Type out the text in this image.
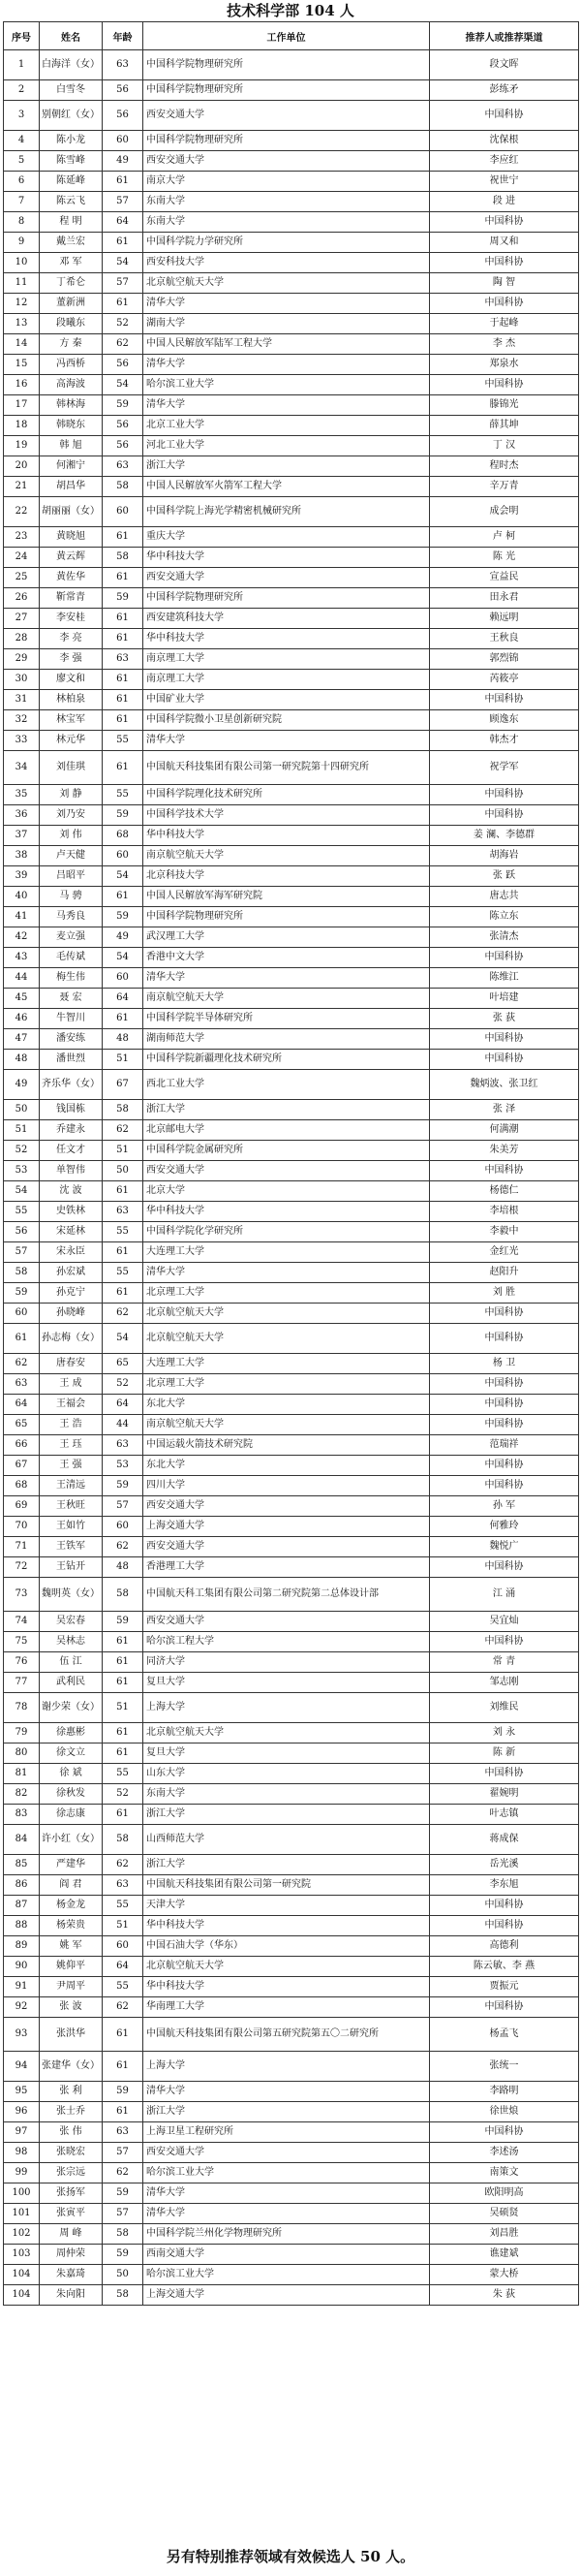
技术科学部 104 人
序号	姓名	年龄	工作单位	推荐人或推荐渠道
1	白海洋（女）	63	中国科学院物理研究所	段文晖
2	白雪冬	56	中国科学院物理研究所	彭练矛
3	别朝红（女）	56	西安交通大学	中国科协
4	陈小龙	60	中国科学院物理研究所	沈保根
5	陈雪峰	49	西安交通大学	李应红
6	陈延峰	61	南京大学	祝世宁
7	陈云飞	57	东南大学	段 进
8	程 明	64	东南大学	中国科协
9	戴兰宏	61	中国科学院力学研究所	周又和
10	邓 军	54	西安科技大学	中国科协
11	丁希仑	57	北京航空航天大学	陶 智
12	董新洲	61	清华大学	中国科协
13	段曦东	52	湖南大学	于起峰
14	方 秦	62	中国人民解放军陆军工程大学	李 杰
15	冯西桥	56	清华大学	郑泉水
16	高海波	54	哈尔滨工业大学	中国科协
17	韩林海	59	清华大学	滕锦光
18	韩晓东	56	北京工业大学	薛其坤
19	韩 旭	56	河北工业大学	丁 汉
20	何湘宁	63	浙江大学	程时杰
21	胡昌华	58	中国人民解放军火箭军工程大学	辛万青
22	胡丽丽（女）	60	中国科学院上海光学精密机械研究所	成会明
23	黄晓旭	61	重庆大学	卢 柯
24	黄云辉	58	华中科技大学	陈 光
25	黄佐华	61	西安交通大学	宣益民
26	靳常青	59	中国科学院物理研究所	田永君
27	李安桂	61	西安建筑科技大学	赖远明
28	李 亮	61	华中科技大学	王秋良
29	李 强	63	南京理工大学	郭烈锦
30	廖文和	61	南京理工大学	芮筱亭
31	林柏泉	61	中国矿业大学	中国科协
32	林宝军	61	中国科学院微小卫星创新研究院	顾逸东
33	林元华	55	清华大学	韩杰才
34	刘佳琪	61	中国航天科技集团有限公司第一研究院第十四研究所	祝学军
35	刘 静	55	中国科学院理化技术研究所	中国科协
36	刘乃安	59	中国科学技术大学	中国科协
37	刘 伟	68	华中科技大学	姜 澜、李德群
38	卢天健	60	南京航空航天大学	胡海岩
39	吕昭平	54	北京科技大学	张 跃
40	马 骋	61	中国人民解放军海军研究院	唐志共
41	马秀良	59	中国科学院物理研究所	陈立东
42	麦立强	49	武汉理工大学	张清杰
43	毛传斌	54	香港中文大学	中国科协
44	梅生伟	60	清华大学	陈维江
45	聂 宏	64	南京航空航天大学	叶培建
46	牛智川	61	中国科学院半导体研究所	张 荻
47	潘安练	48	湖南师范大学	中国科协
48	潘世烈	51	中国科学院新疆理化技术研究所	中国科协
49	齐乐华（女）	67	西北工业大学	魏炳波、张卫红
50	钱国栋	58	浙江大学	张 泽
51	乔建永	62	北京邮电大学	何满潮
52	任文才	51	中国科学院金属研究所	朱美芳
53	单智伟	50	西安交通大学	中国科协
54	沈 波	61	北京大学	杨德仁
55	史铁林	63	华中科技大学	李培根
56	宋延林	55	中国科学院化学研究所	李毅中
57	宋永臣	61	大连理工大学	金红光
58	孙宏斌	55	清华大学	赵阳升
59	孙克宁	61	北京理工大学	刘 胜
60	孙晓峰	62	北京航空航天大学	中国科协
61	孙志梅（女）	54	北京航空航天大学	中国科协
62	唐春安	65	大连理工大学	杨 卫
63	王 成	52	北京理工大学	中国科协
64	王福会	64	东北大学	中国科协
65	王 浩	44	南京航空航天大学	中国科协
66	王 珏	63	中国运载火箭技术研究院	范瑞祥
67	王 强	53	东北大学	中国科协
68	王清远	59	四川大学	中国科协
69	王秋旺	57	西安交通大学	孙 军
70	王如竹	60	上海交通大学	何雅玲
71	王铁军	62	西安交通大学	魏悦广
72	王钻开	48	香港理工大学	中国科协
73	魏明英（女）	58	中国航天科工集团有限公司第二研究院第二总体设计部	江 涌
74	吴宏春	59	西安交通大学	吴宜灿
75	吴林志	61	哈尔滨工程大学	中国科协
76	伍 江	61	同济大学	常 青
77	武利民	61	复旦大学	邹志刚
78	谢少荣（女）	51	上海大学	刘维民
79	徐惠彬	61	北京航空航天大学	刘 永
80	徐文立	61	复旦大学	陈 新
81	徐 斌	55	山东大学	中国科协
82	徐秋发	52	东南大学	翟婉明
83	徐志康	61	浙江大学	叶志镇
84	许小红（女）	58	山西师范大学	蒋成保
85	严建华	62	浙江大学	岳光溪
86	阎 君	63	中国航天科技集团有限公司第一研究院	李东旭
87	杨金龙	55	天津大学	中国科协
88	杨荣贵	51	华中科技大学	中国科协
89	姚 军	60	中国石油大学（华东）	高德利
90	姚仰平	64	北京航空航天大学	陈云敏、李 燕
91	尹周平	55	华中科技大学	贾振元
92	张 波	62	华南理工大学	中国科协
93	张洪华	61	中国航天科技集团有限公司第五研究院第五〇二研究所	杨孟飞
94	张建华（女）	61	上海大学	张统一
95	张 利	59	清华大学	李路明
96	张士乔	61	浙江大学	徐世烺
97	张 伟	63	上海卫星工程研究所	中国科协
98	张晓宏	57	西安交通大学	李述汤
99	张宗远	62	哈尔滨工业大学	南策文
100	张扬军	59	清华大学	欧阳明高
101	张寅平	57	清华大学	吴硕贤
102	周 峰	58	中国科学院兰州化学物理研究所	刘昌胜
103	周仲荣	59	西南交通大学	谯建斌
104	朱嘉琦	50	哈尔滨工业大学	蒙大桥
104	朱向阳	58	上海交通大学	朱 荻
另有特别推荐领域有效候选人 50 人。
